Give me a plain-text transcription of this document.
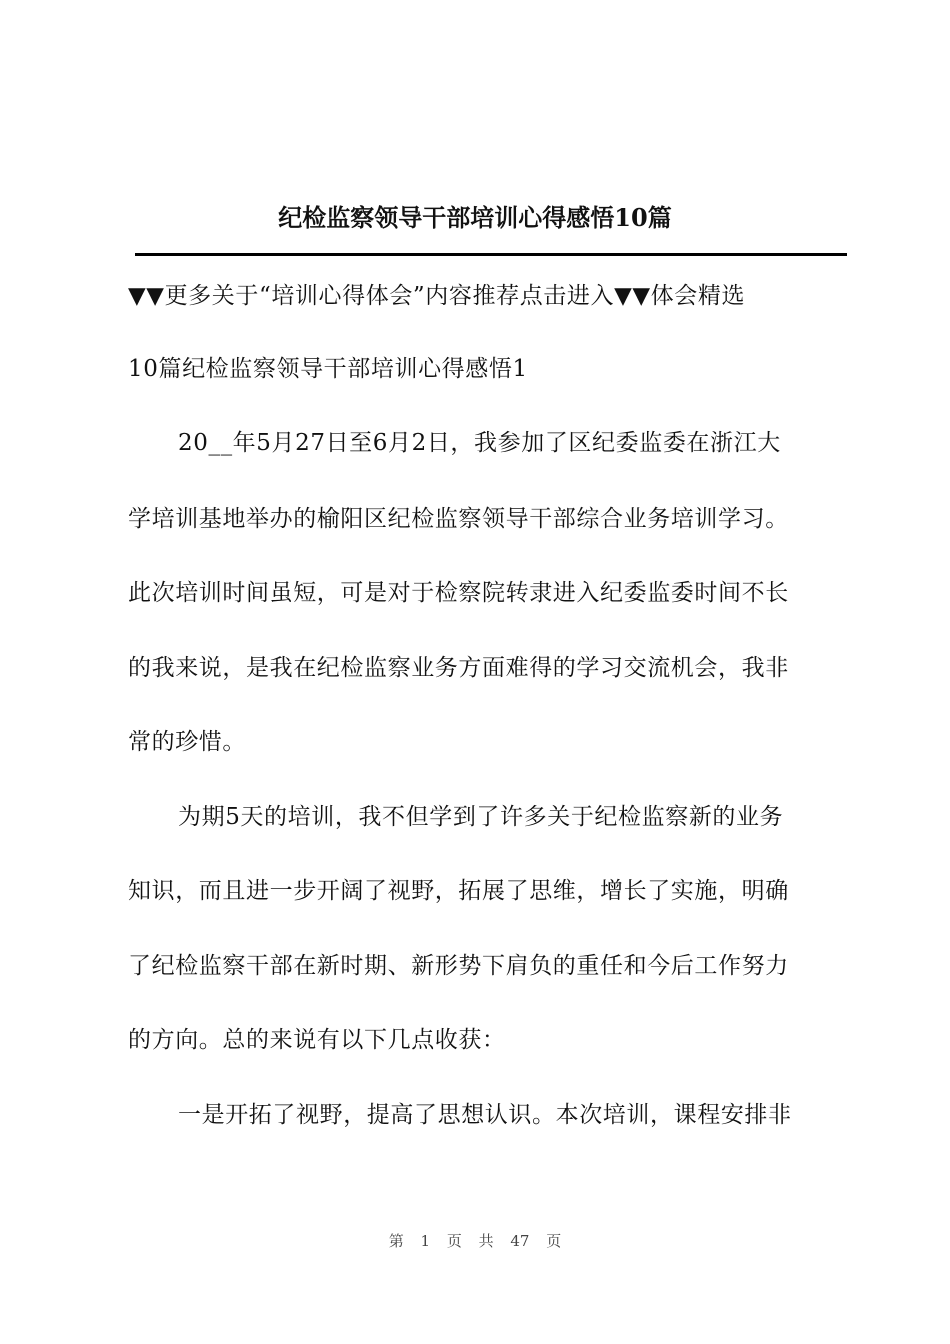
纪检监察领导干部培训心得感悟10篇
▼▼更多关于“培训心得体会”内容推荐点击进入▼▼体会精选
10篇纪检监察领导干部培训心得感悟1
20__年5月27日至6月2日，我参加了区纪委监委在浙江大
学培训基地举办的榆阳区纪检监察领导干部综合业务培训学习。
此次培训时间虽短，可是对于检察院转隶进入纪委监委时间不长
的我来说，是我在纪检监察业务方面难得的学习交流机会，我非
常的珍惜。
为期5天的培训，我不但学到了许多关于纪检监察新的业务
知识，而且进一步开阔了视野，拓展了思维，增长了实施，明确
了纪检监察干部在新时期、新形势下肩负的重任和今后工作努力
的方向。总的来说有以下几点收获：
一是开拓了视野，提高了思想认识。本次培训，课程安排非
第 1 页 共 47 页
